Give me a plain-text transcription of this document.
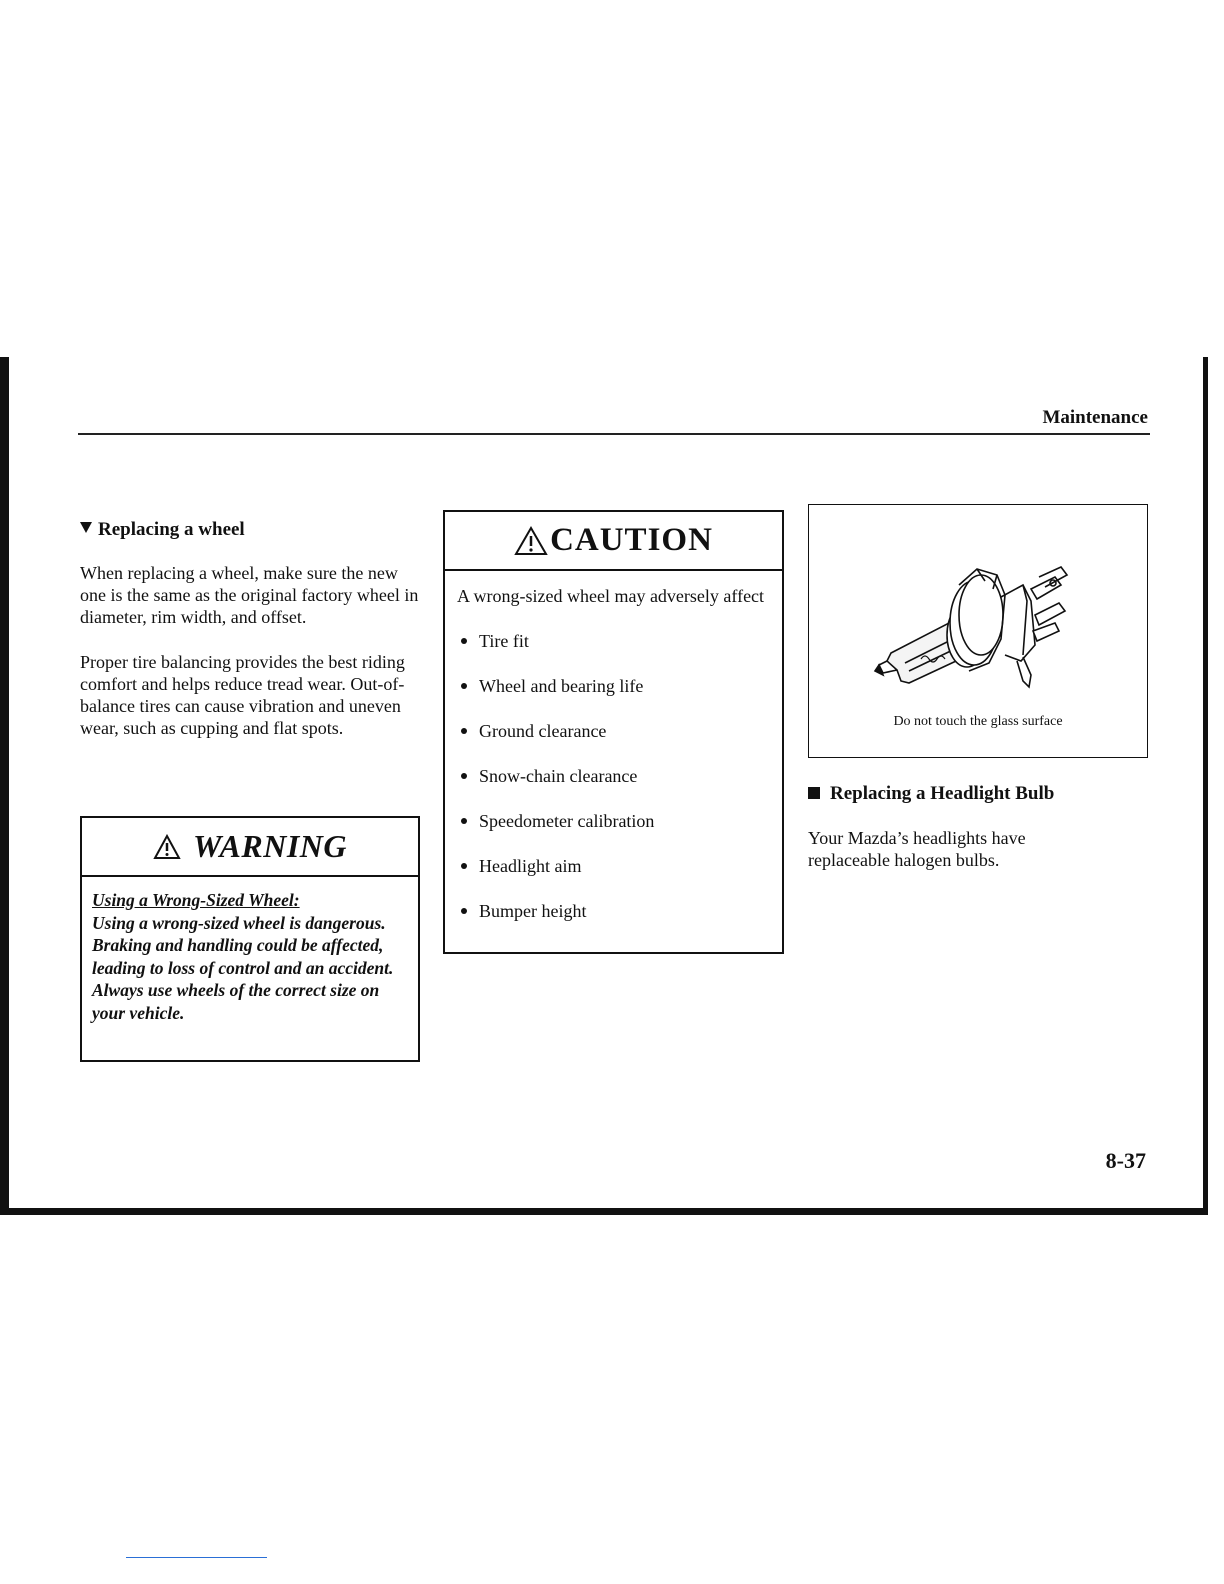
Maintenance

Replacing a wheel

When replacing a wheel, make sure the new one is the same as the original factory wheel in diameter, rim width, and offset.

Proper tire balancing provides the best riding comfort and helps reduce tread wear. Out-of-balance tires can cause vibration and uneven wear, such as cupping and flat spots.

WARNING
Using a Wrong-Sized Wheel:
Using a wrong-sized wheel is dangerous. Braking and handling could be affected, leading to loss of control and an accident. Always use wheels of the correct size on your vehicle.
CAUTION
A wrong-sized wheel may adversely affect
Tire fit
Wheel and bearing life
Ground clearance
Snow-chain clearance
Speedometer calibration
Headlight aim
Bumper height
Do not touch the glass surface
Replacing a Headlight Bulb
Your Mazda’s headlights have replaceable halogen bulbs.
8-37
